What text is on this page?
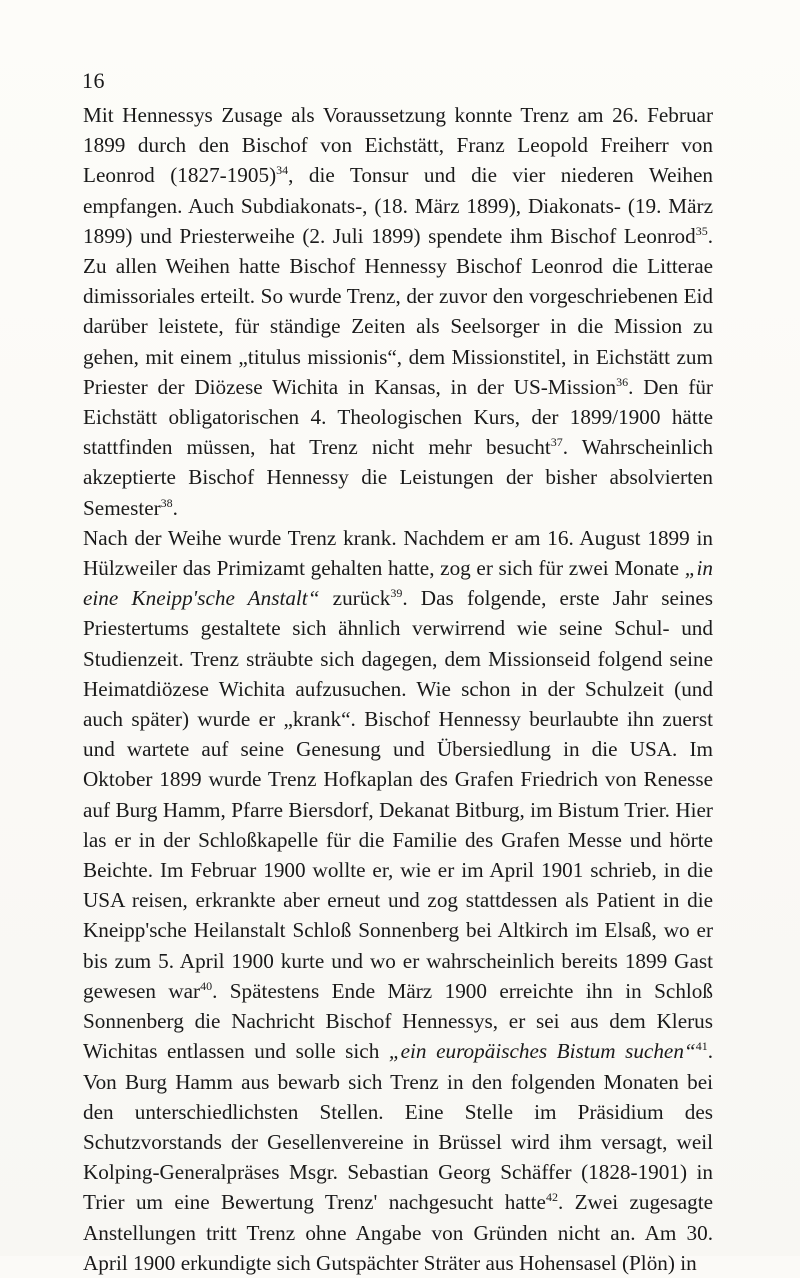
16

Mit Hennessys Zusage als Voraussetzung konnte Trenz am 26. Februar 1899 durch den Bischof von Eichstätt, Franz Leopold Freiherr von Leonrod (1827-1905)$^{34}$, die Tonsur und die vier niederen Weihen empfangen. Auch Subdiakonats-, (18. März 1899), Diakonats- (19. März 1899) und Priesterweihe (2. Juli 1899) spendete ihm Bischof Leonrod$^{35}$. Zu allen Weihen hatte Bischof Hennessy Bischof Leonrod die Litterae dimissoriales erteilt. So wurde Trenz, der zuvor den vorgeschriebenen Eid darüber leistete, für ständige Zeiten als Seelsorger in die Mission zu gehen, mit einem „titulus missionis“, dem Missionstitel, in Eichstätt zum Priester der Diözese Wichita in Kansas, in der US-Mission$^{36}$. Den für Eichstätt obligatorischen 4. Theologischen Kurs, der 1899/1900 hätte stattfinden müssen, hat Trenz nicht mehr besucht$^{37}$. Wahrscheinlich akzeptierte Bischof Hennessy die Leistungen der bisher absolvierten Semester$^{38}$.

Nach der Weihe wurde Trenz krank. Nachdem er am 16. August 1899 in Hülzweiler das Primizamt gehalten hatte, zog er sich für zwei Monate „in eine Kneipp'sche Anstalt“ zurück$^{39}$. Das folgende, erste Jahr seines Priestertums gestaltete sich ähnlich verwirrend wie seine Schul- und Studienzeit. Trenz sträubte sich dagegen, dem Missionseid folgend seine Heimatdiözese Wichita aufzusuchen. Wie schon in der Schulzeit (und auch später) wurde er „krank“. Bischof Hennessy beurlaubte ihn zuerst und wartete auf seine Genesung und Übersiedlung in die USA. Im Oktober 1899 wurde Trenz Hofkaplan des Grafen Friedrich von Renesse auf Burg Hamm, Pfarre Biersdorf, Dekanat Bitburg, im Bistum Trier. Hier las er in der Schloßkapelle für die Familie des Grafen Messe und hörte Beichte. Im Februar 1900 wollte er, wie er im April 1901 schrieb, in die USA reisen, erkrankte aber erneut und zog stattdessen als Patient in die Kneipp'sche Heilanstalt Schloß Sonnenberg bei Altkirch im Elsaß, wo er bis zum 5. April 1900 kurte und wo er wahrscheinlich bereits 1899 Gast gewesen war$^{40}$. Spätestens Ende März 1900 erreichte ihn in Schloß Sonnenberg die Nachricht Bischof Hennessys, er sei aus dem Klerus Wichitas entlassen und solle sich „ein europäisches Bistum suchen“$^{41}$. Von Burg Hamm aus bewarb sich Trenz in den folgenden Monaten bei den unterschiedlichsten Stellen. Eine Stelle im Präsidium des Schutzvorstands der Gesellenvereine in Brüssel wird ihm versagt, weil Kolping-Generalpräses Msgr. Sebastian Georg Schäffer (1828-1901) in Trier um eine Bewertung Trenz' nachgesucht hatte$^{42}$. Zwei zugesagte Anstellungen tritt Trenz ohne Angabe von Gründen nicht an. Am 30. April 1900 erkundigte sich Gutspächter Sträter aus Hohensasel (Plön) in
